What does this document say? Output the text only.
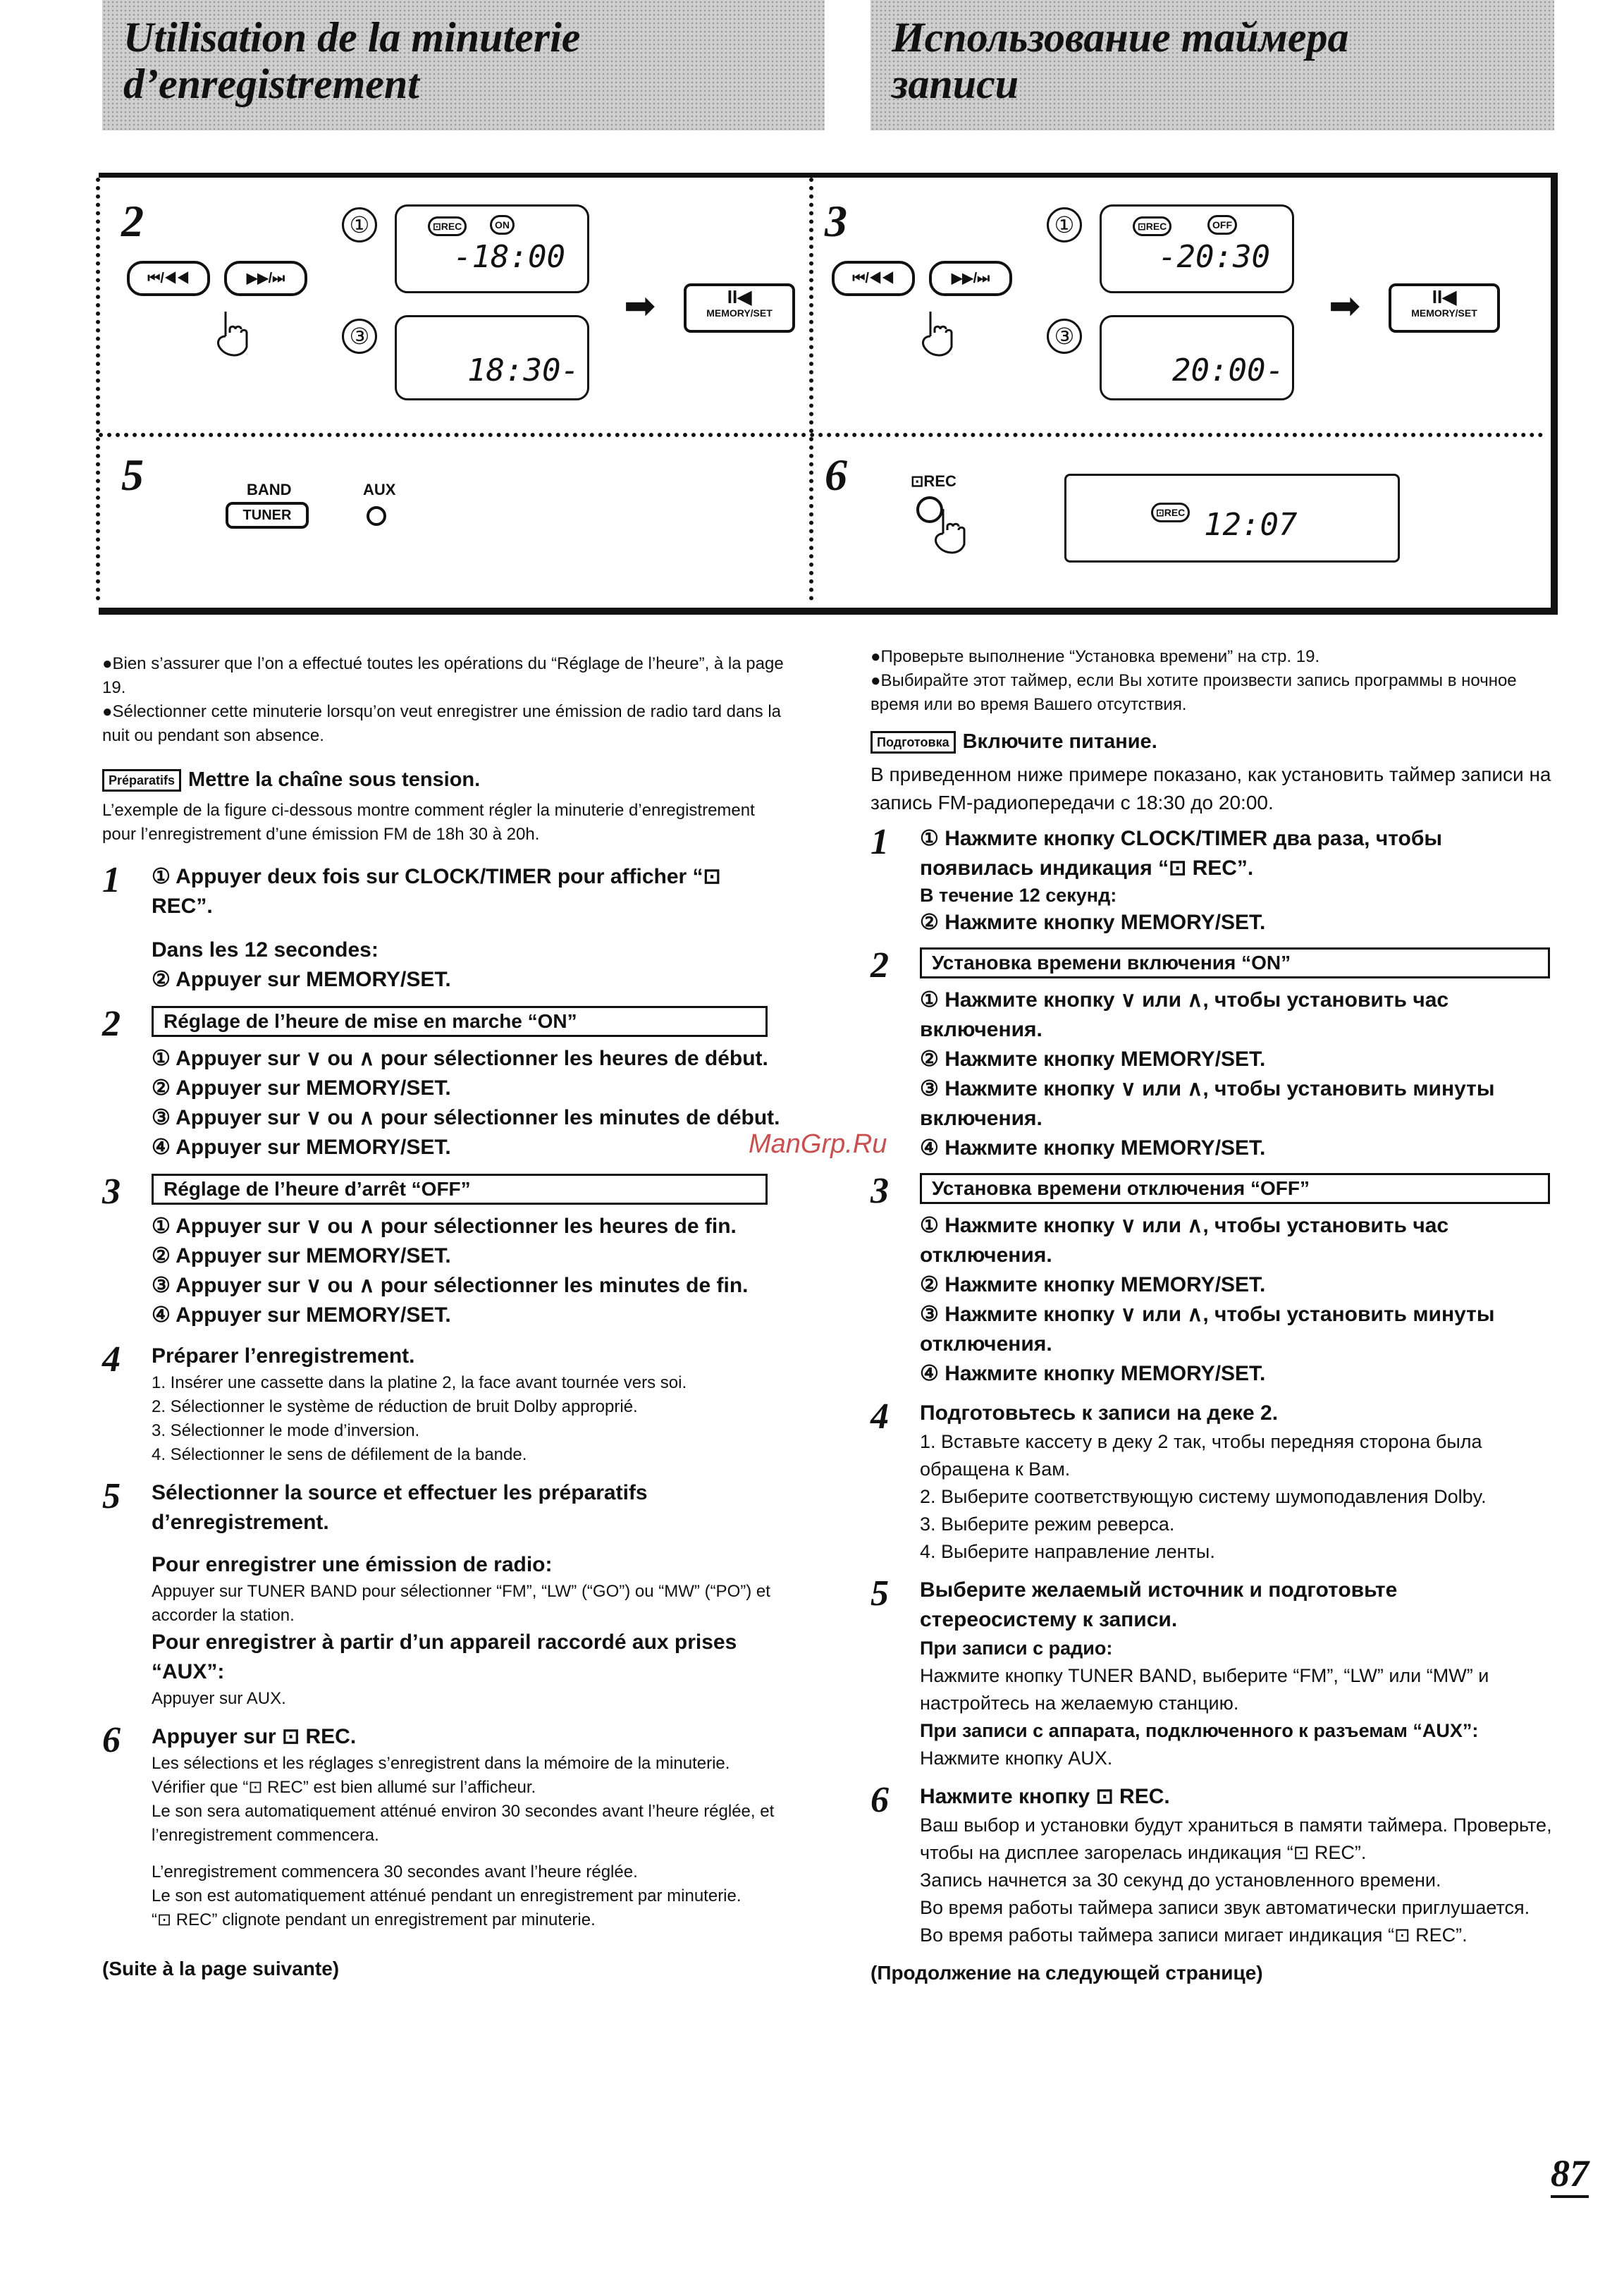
Utilisation de la minuterie
d’enregistrement
Использование таймера
записи
2
⏮/◀◀	▶▶/⏭
①
③
⊡REC	ON
-18:00
18:30-
➡	II◀
MEMORY/SET
3
⏮/◀◀	▶▶/⏭
①
③
⊡REC	OFF
-20:30
20:00-
➡	II◀
MEMORY/SET
5	BAND
TUNER
AUX	6	⊡REC
⊡REC 12:07

●Bien s’assurer que l’on a effectué toutes les opérations du “Réglage de l’heure”, à la page 19.

●Sélectionner cette minuterie lorsqu’on veut enregistrer une émission de radio tard dans la nuit ou pendant son absence.

Préparatifs Mettre la chaîne sous tension.

L’exemple de la figure ci-dessous montre comment régler la minuterie d’enregistrement pour l’enregistrement d’une émission FM de 18h 30 à 20h.

1 ① Appuyer deux fois sur CLOCK/TIMER pour afficher “⊡ REC”.

Dans les 12 secondes:

② Appuyer sur MEMORY/SET.

2 Réglage de l’heure de mise en marche “ON”

① Appuyer sur ∨ ou ∧ pour sélectionner les heures de début.

② Appuyer sur MEMORY/SET.

③ Appuyer sur ∨ ou ∧ pour sélectionner les minutes de début.

④ Appuyer sur MEMORY/SET.

3 Réglage de l’heure d’arrêt “OFF”

① Appuyer sur ∨ ou ∧ pour sélectionner les heures de fin.

② Appuyer sur MEMORY/SET.

③ Appuyer sur ∨ ou ∧ pour sélectionner les minutes de fin.

④ Appuyer sur MEMORY/SET.

4 Préparer l’enregistrement.

1. Insérer une cassette dans la platine 2, la face avant tournée vers soi.

2. Sélectionner le système de réduction de bruit Dolby approprié.

3. Sélectionner le mode d’inversion.

4. Sélectionner le sens de défilement de la bande.

5 Sélectionner la source et effectuer les préparatifs d’enregistrement.

Pour enregistrer une émission de radio:

Appuyer sur TUNER BAND pour sélectionner “FM”, “LW” (“GO”) ou “MW” (“PO”) et accorder la station.

Pour enregistrer à partir d’un appareil raccordé aux prises “AUX”:

Appuyer sur AUX.

6 Appuyer sur ⊡ REC.

Les sélections et les réglages s’enregistrent dans la mémoire de la minuterie. Vérifier que “⊡ REC” est bien allumé sur l’afficheur.

Le son sera automatiquement atténué environ 30 secondes avant l’heure réglée, et l’enregistrement commencera.

L’enregistrement commencera 30 secondes avant l’heure réglée.

Le son est automatiquement atténué pendant un enregistrement par minuterie.

“⊡ REC” clignote pendant un enregistrement par minuterie.

(Suite à la page suivante)

●Проверьте выполнение “Установка времени” на стр. 19.

●Выбирайте этот таймер, если Вы хотите произвести запись программы в ночное время или во время Вашего отсутствия.

Подготовка Включите питание.

В приведенном ниже примере показано, как установить таймер записи на запись FM-радиопередачи с 18:30 до 20:00.

1 ① Нажмите кнопку CLOCK/TIMER два раза, чтобы появилась индикация “⊡ REC”.

В течение 12 секунд:

② Нажмите кнопку MEMORY/SET.

2 Установка времени включения “ON”

① Нажмите кнопку ∨ или ∧, чтобы установить час включения.

② Нажмите кнопку MEMORY/SET.

③ Нажмите кнопку ∨ или ∧, чтобы установить минуты включения.

④ Нажмите кнопку MEMORY/SET.

3 Установка времени отключения “OFF”

① Нажмите кнопку ∨ или ∧, чтобы установить час отключения.

② Нажмите кнопку MEMORY/SET.

③ Нажмите кнопку ∨ или ∧, чтобы установить минуты отключения.

④ Нажмите кнопку MEMORY/SET.

4 Подготовьтесь к записи на деке 2.

1. Вставьте кассету в деку 2 так, чтобы передняя сторона была обращена к Вам.

2. Выберите соответствующую систему шумоподавления Dolby.

3. Выберите режим реверса.

4. Выберите направление ленты.

5 Выберите желаемый источник и подготовьте стереосистему к записи.

При записи с радио:

Нажмите кнопку TUNER BAND, выберите “FM”, “LW” или “MW” и настройтесь на желаемую станцию.

При записи с аппарата, подключенного к разъемам “AUX”:

Нажмите кнопку AUX.

6 Нажмите кнопку ⊡ REC.

Ваш выбор и установки будут храниться в памяти таймера. Проверьте, чтобы на дисплее загорелась индикация “⊡ REC”.

Запись начнется за 30 секунд до установленного времени.

Во время работы таймера записи звук автоматически приглушается.

Во время работы таймера записи мигает индикация “⊡ REC”.

(Продолжение на следующей странице)

ManGrp.Ru
87
